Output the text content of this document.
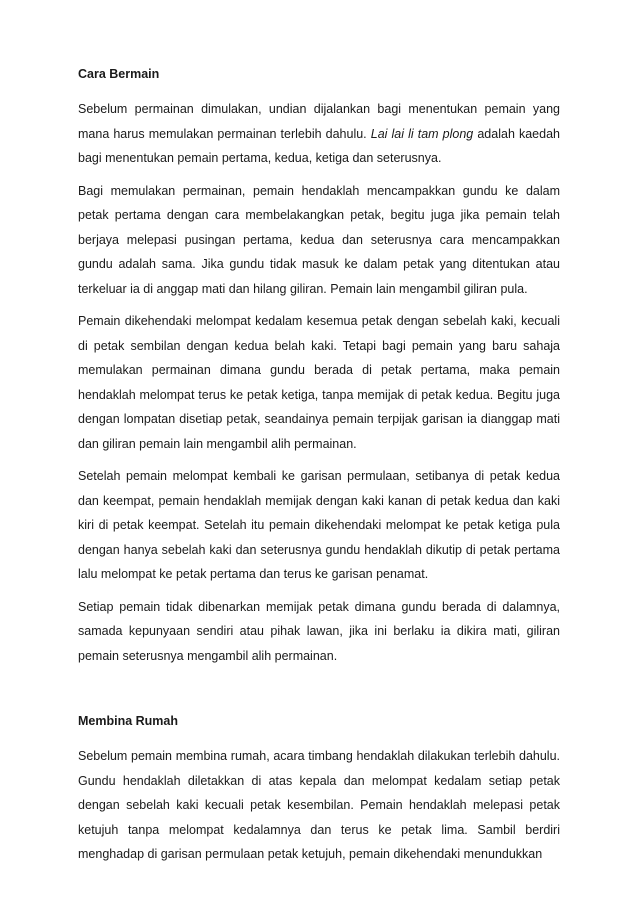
Cara Bermain

Sebelum permainan dimulakan, undian dijalankan bagi menentukan pemain yang mana harus memulakan permainan terlebih dahulu. Lai lai li tam plong adalah kaedah bagi menentukan pemain pertama, kedua, ketiga dan seterusnya.

Bagi memulakan permainan, pemain hendaklah mencampakkan gundu ke dalam petak pertama dengan cara membelakangkan petak, begitu juga jika pemain telah berjaya melepasi pusingan pertama, kedua dan seterusnya cara mencampakkan gundu adalah sama. Jika gundu tidak masuk ke dalam petak yang ditentukan atau terkeluar ia di anggap mati dan hilang giliran. Pemain lain mengambil giliran pula.

Pemain dikehendaki melompat kedalam kesemua petak dengan sebelah kaki, kecuali di petak sembilan dengan kedua belah kaki. Tetapi bagi pemain yang baru sahaja memulakan permainan dimana gundu berada di petak pertama, maka pemain hendaklah melompat terus ke petak ketiga, tanpa memijak di petak kedua. Begitu juga dengan lompatan disetiap petak, seandainya pemain terpijak garisan ia dianggap mati dan giliran pemain lain mengambil alih permainan.

Setelah pemain melompat kembali ke garisan permulaan, setibanya di petak kedua dan keempat, pemain hendaklah memijak dengan kaki kanan di petak kedua dan kaki kiri di petak keempat. Setelah itu pemain dikehendaki melompat ke petak ketiga pula dengan hanya sebelah kaki dan seterusnya gundu hendaklah dikutip di petak pertama lalu melompat ke petak pertama dan terus ke garisan penamat.

Setiap pemain tidak dibenarkan memijak petak dimana gundu berada di dalamnya, samada kepunyaan sendiri atau pihak lawan, jika ini berlaku ia dikira mati, giliran pemain seterusnya mengambil alih permainan.

Membina Rumah

Sebelum pemain membina rumah, acara timbang hendaklah dilakukan terlebih dahulu. Gundu hendaklah diletakkan di atas kepala dan melompat kedalam setiap petak dengan sebelah kaki kecuali petak kesembilan. Pemain hendaklah melepasi petak ketujuh tanpa melompat kedalamnya dan terus ke petak lima. Sambil berdiri menghadap di garisan permulaan petak ketujuh, pemain dikehendaki menundukkan
